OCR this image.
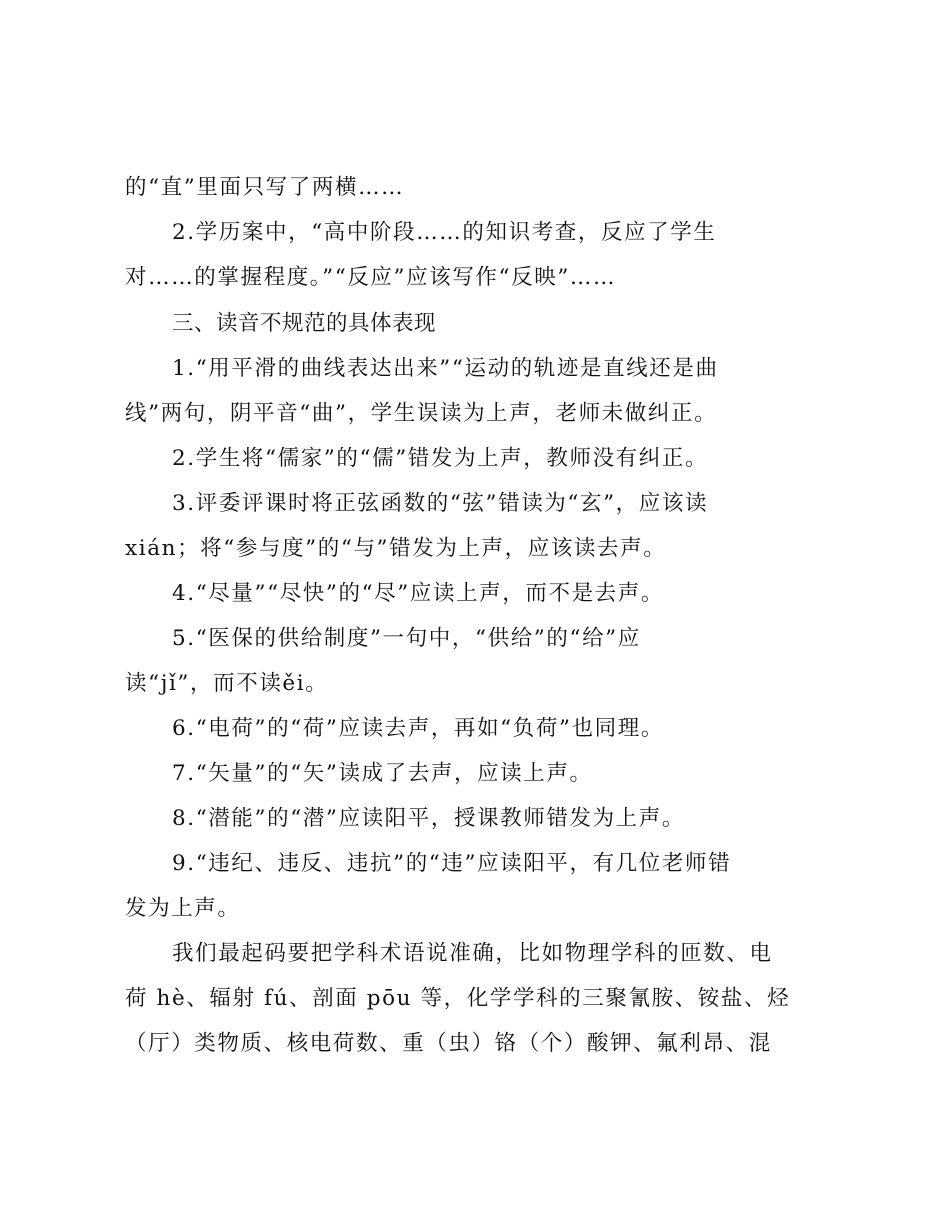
的“直”里面只写了两横……
2.学历案中，“高中阶段……的知识考查，反应了学生
对……的掌握程度。”“反应”应该写作“反映”……
三、读音不规范的具体表现
1.“用平滑的曲线表达出来”“运动的轨迹是直线还是曲
线”两句，阴平音“曲”，学生误读为上声，老师未做纠正。
2.学生将“儒家”的“儒”错发为上声，教师没有纠正。
3.评委评课时将正弦函数的“弦”错读为“玄”，应该读
xián；将“参与度”的“与”错发为上声，应该读去声。
4.“尽量”“尽快”的“尽”应读上声，而不是去声。
5.“医保的供给制度”一句中，“供给”的“给”应
读“jǐ”，而不读ěi。
6.“电荷”的“荷”应读去声，再如“负荷”也同理。
7.“矢量”的“矢”读成了去声，应读上声。
8.“潜能”的“潜”应读阳平，授课教师错发为上声。
9.“违纪、违反、违抗”的“违”应读阳平，有几位老师错
发为上声。
我们最起码要把学科术语说准确，比如物理学科的匝数、电
荷 hè、辐射 fú、剖面 pōu 等，化学学科的三聚氰胺、铵盐、烃
（厅）类物质、核电荷数、重（虫）铬（个）酸钾、氟利昂、混
